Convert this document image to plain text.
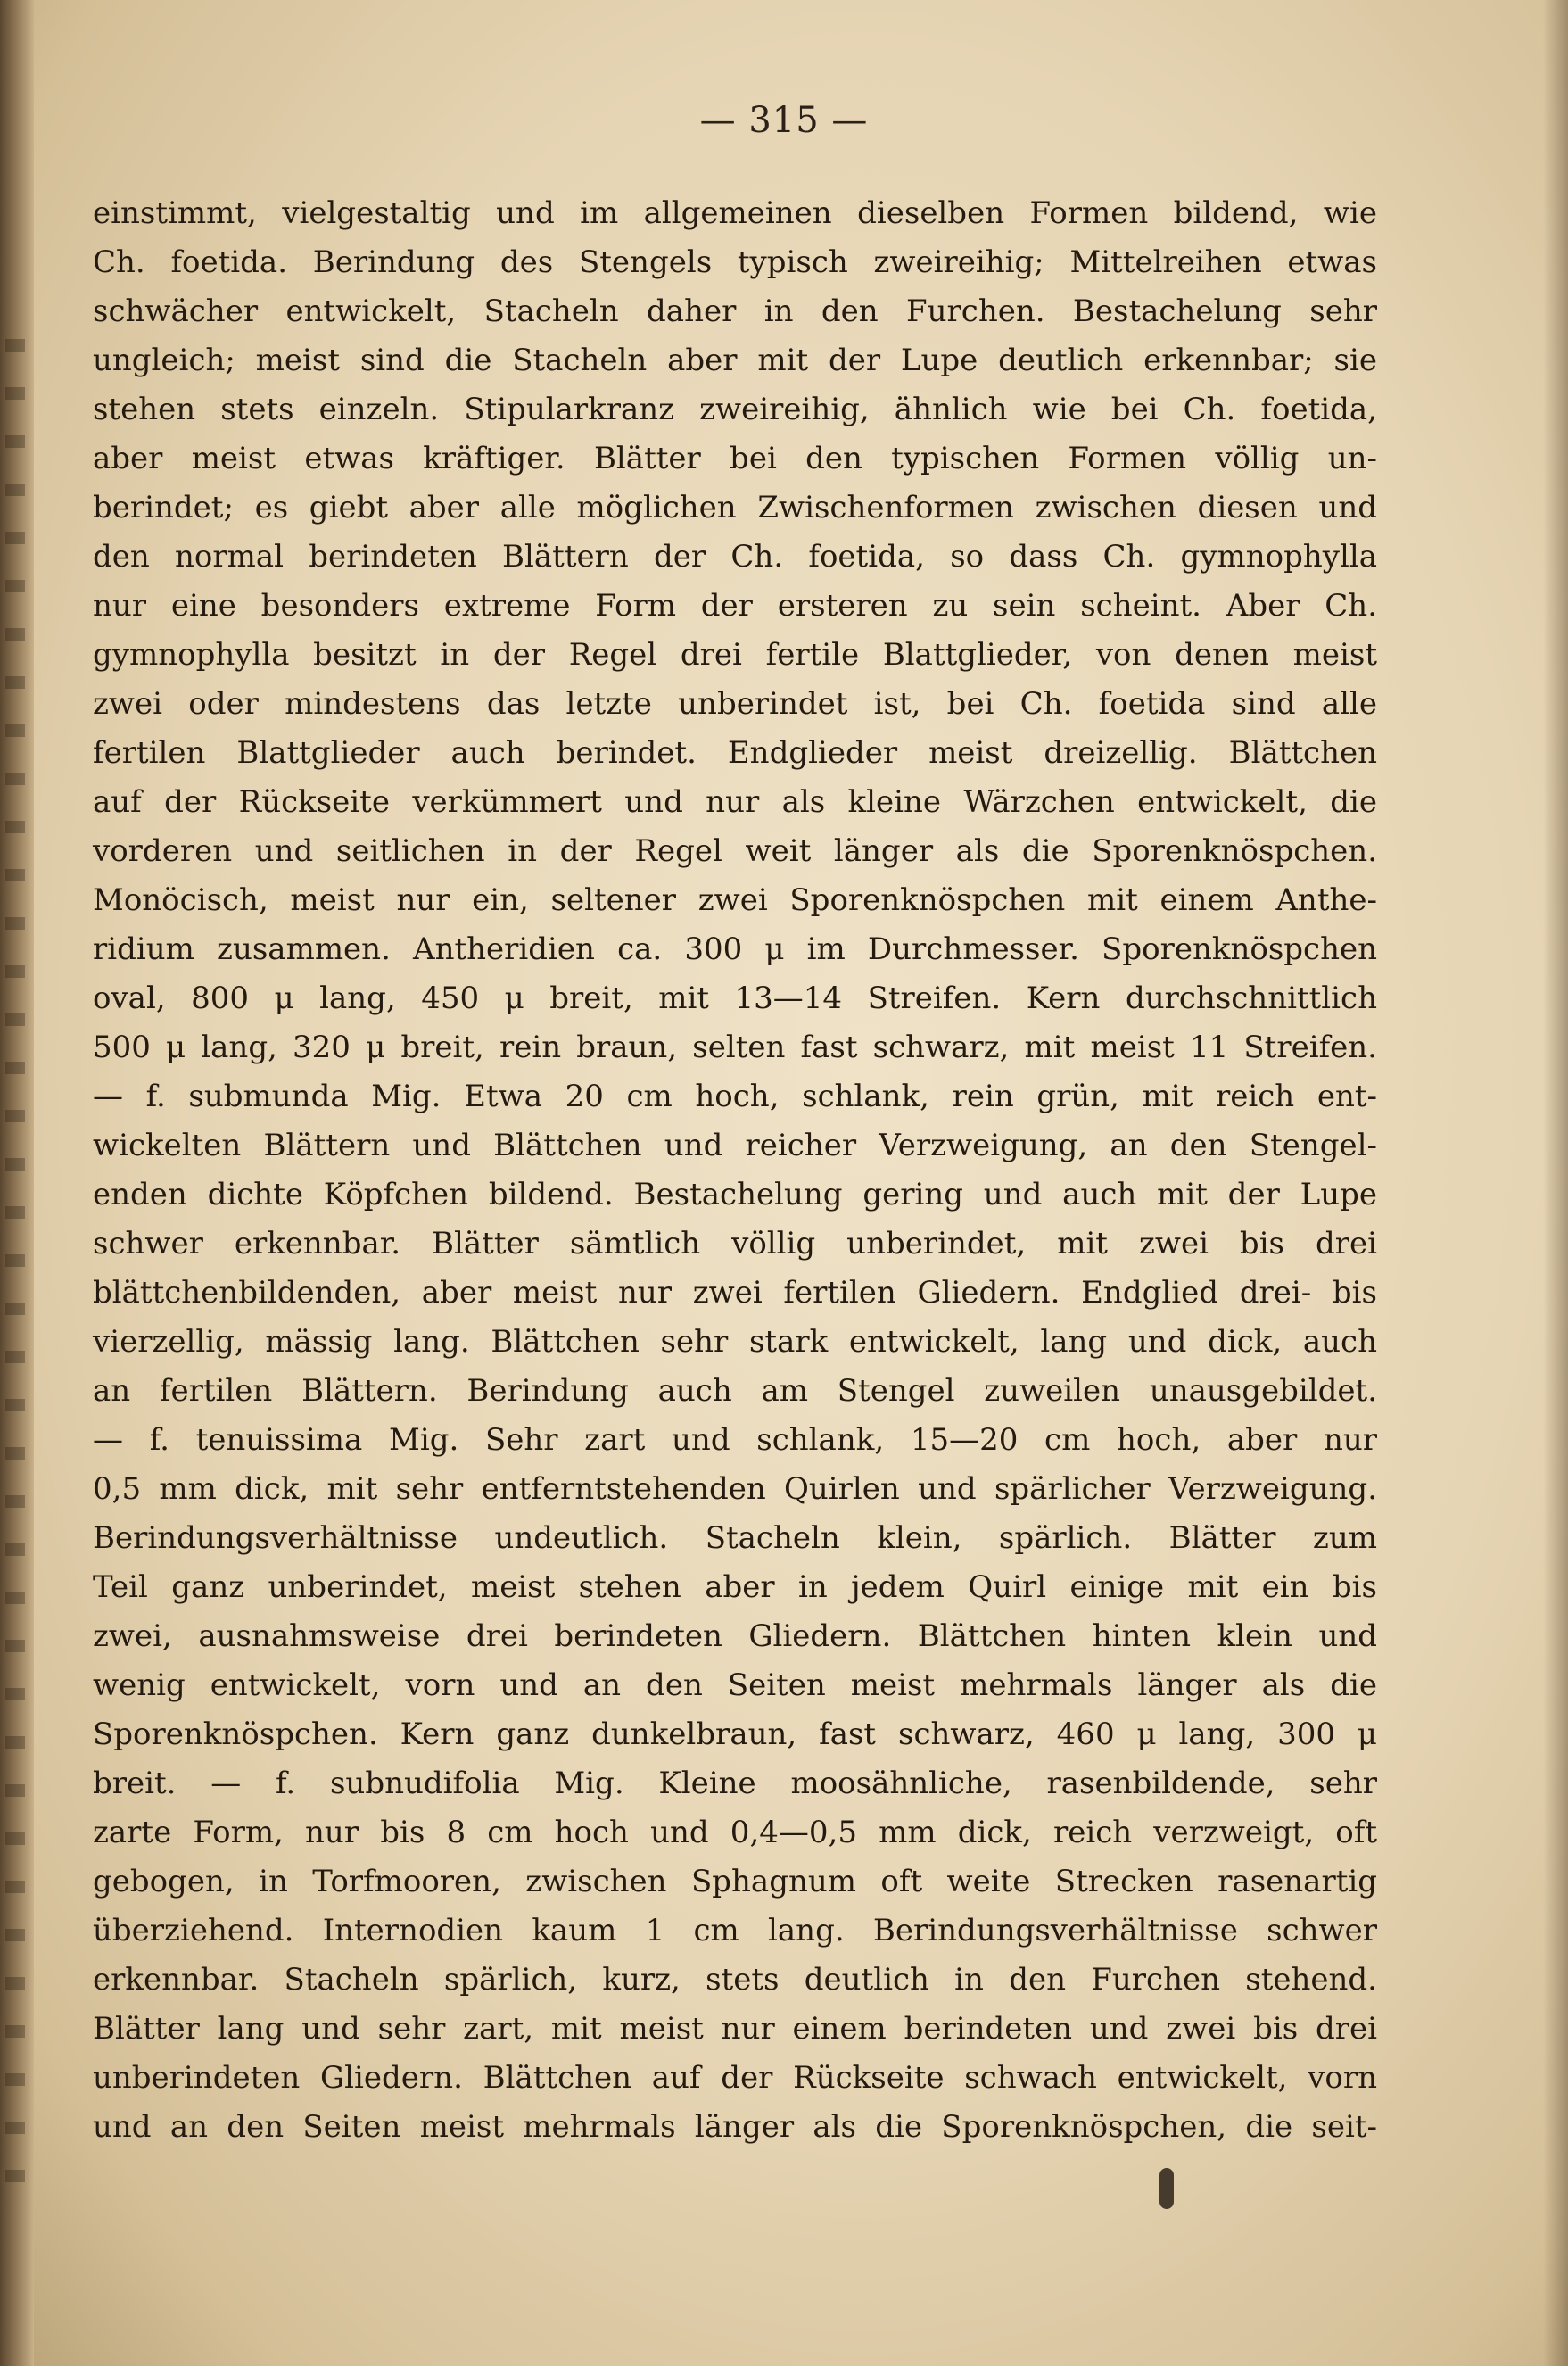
— 315 —
einstimmt, vielgestaltig und im allgemeinen dieselben Formen bildend, wie
Ch. foetida. Berindung des Stengels typisch zweireihig; Mittelreihen etwas
schwächer entwickelt, Stacheln daher in den Furchen. Bestachelung sehr
ungleich; meist sind die Stacheln aber mit der Lupe deutlich erkennbar; sie
stehen stets einzeln. Stipularkranz zweireihig, ähnlich wie bei Ch. foetida,
aber meist etwas kräftiger. Blätter bei den typischen Formen völlig un-
berindet; es giebt aber alle möglichen Zwischenformen zwischen diesen und
den normal berindeten Blättern der Ch. foetida, so dass Ch. gymnophylla
nur eine besonders extreme Form der ersteren zu sein scheint. Aber Ch.
gymnophylla besitzt in der Regel drei fertile Blattglieder, von denen meist
zwei oder mindestens das letzte unberindet ist, bei Ch. foetida sind alle
fertilen Blattglieder auch berindet. Endglieder meist dreizellig. Blättchen
auf der Rückseite verkümmert und nur als kleine Wärzchen entwickelt, die
vorderen und seitlichen in der Regel weit länger als die Sporenknöspchen.
Monöcisch, meist nur ein, seltener zwei Sporenknöspchen mit einem Anthe-
ridium zusammen. Antheridien ca. 300 μ im Durchmesser. Sporenknöspchen
oval, 800 μ lang, 450 μ breit, mit 13—14 Streifen. Kern durchschnittlich
500 μ lang, 320 μ breit, rein braun, selten fast schwarz, mit meist 11 Streifen.
— f. submunda Mig. Etwa 20 cm hoch, schlank, rein grün, mit reich ent-
wickelten Blättern und Blättchen und reicher Verzweigung, an den Stengel-
enden dichte Köpfchen bildend. Bestachelung gering und auch mit der Lupe
schwer erkennbar. Blätter sämtlich völlig unberindet, mit zwei bis drei
blättchenbildenden, aber meist nur zwei fertilen Gliedern. Endglied drei- bis
vierzellig, mässig lang. Blättchen sehr stark entwickelt, lang und dick, auch
an fertilen Blättern. Berindung auch am Stengel zuweilen unausgebildet.
— f. tenuissima Mig. Sehr zart und schlank, 15—20 cm hoch, aber nur
0,5 mm dick, mit sehr entferntstehenden Quirlen und spärlicher Verzweigung.
Berindungsverhältnisse undeutlich. Stacheln klein, spärlich. Blätter zum
Teil ganz unberindet, meist stehen aber in jedem Quirl einige mit ein bis
zwei, ausnahmsweise drei berindeten Gliedern. Blättchen hinten klein und
wenig entwickelt, vorn und an den Seiten meist mehrmals länger als die
Sporenknöspchen. Kern ganz dunkelbraun, fast schwarz, 460 μ lang, 300 μ
breit. — f. subnudifolia Mig. Kleine moosähnliche, rasenbildende, sehr
zarte Form, nur bis 8 cm hoch und 0,4—0,5 mm dick, reich verzweigt, oft
gebogen, in Torfmooren, zwischen Sphagnum oft weite Strecken rasenartig
überziehend. Internodien kaum 1 cm lang. Berindungsverhältnisse schwer
erkennbar. Stacheln spärlich, kurz, stets deutlich in den Furchen stehend.
Blätter lang und sehr zart, mit meist nur einem berindeten und zwei bis drei
unberindeten Gliedern. Blättchen auf der Rückseite schwach entwickelt, vorn
und an den Seiten meist mehrmals länger als die Sporenknöspchen, die seit-
